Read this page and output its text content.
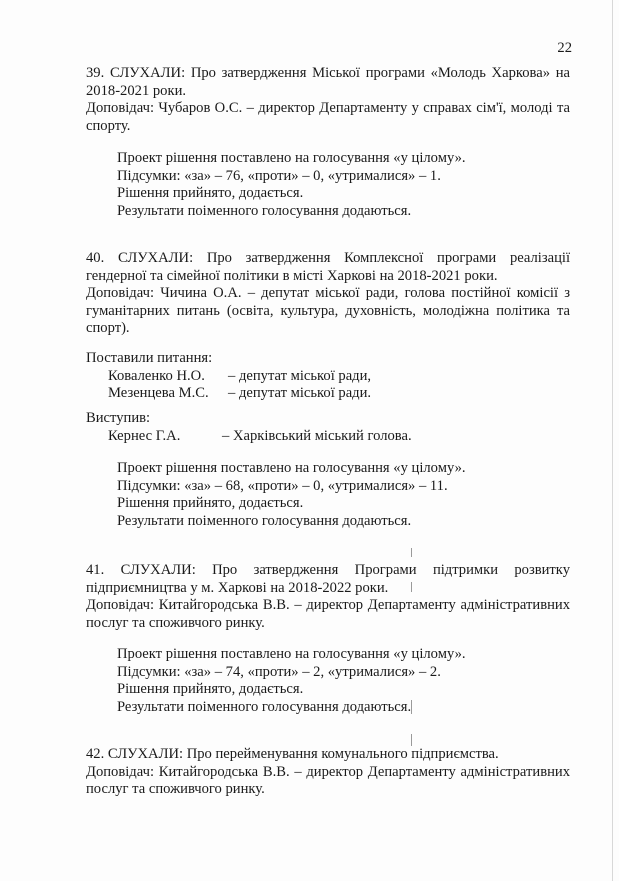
22

39. СЛУХАЛИ: Про затвердження Міської програми «Молодь Харкова» на 2018-2021 роки.

Доповідач: Чубаров О.С. – директор Департаменту у справах сім'ї, молоді та спорту.

Проект рішення поставлено на голосування «у цілому».

Підсумки: «за» – 76, «проти» – 0, «утрималися» – 1.

Рішення прийнято, додається.

Результати поіменного голосування додаються.

40. СЛУХАЛИ: Про затвердження Комплексної програми реалізації гендерної та сімейної політики в місті Харкові на 2018-2021 роки.

Доповідач: Чичина О.А. – депутат міської ради, голова постійної комісії з гуманітарних питань (освіта, культура, духовність, молодіжна політика та спорт).

Поставили питання:

Коваленко Н.О.	– депутат міської ради,
Мезенцева М.С.	– депутат міської ради.

Виступив:

Кернес Г.А.	– Харківський міський голова.

Проект рішення поставлено на голосування «у цілому».

Підсумки: «за» – 68, «проти» – 0, «утрималися» – 11.

Рішення прийнято, додається.

Результати поіменного голосування додаються.

41. СЛУХАЛИ: Про затвердження Програми підтримки розвитку підприємництва у м. Харкові на 2018-2022 роки.

Доповідач: Китайгородська В.В. – директор Департаменту адміністративних послуг та споживчого ринку.

Проект рішення поставлено на голосування «у цілому».

Підсумки: «за» – 74, «проти» – 2, «утрималися» – 2.

Рішення прийнято, додається.

Результати поіменного голосування додаються.

42. СЛУХАЛИ: Про перейменування комунального підприємства.

Доповідач: Китайгородська В.В. – директор Департаменту адміністративних послуг та споживчого ринку.
